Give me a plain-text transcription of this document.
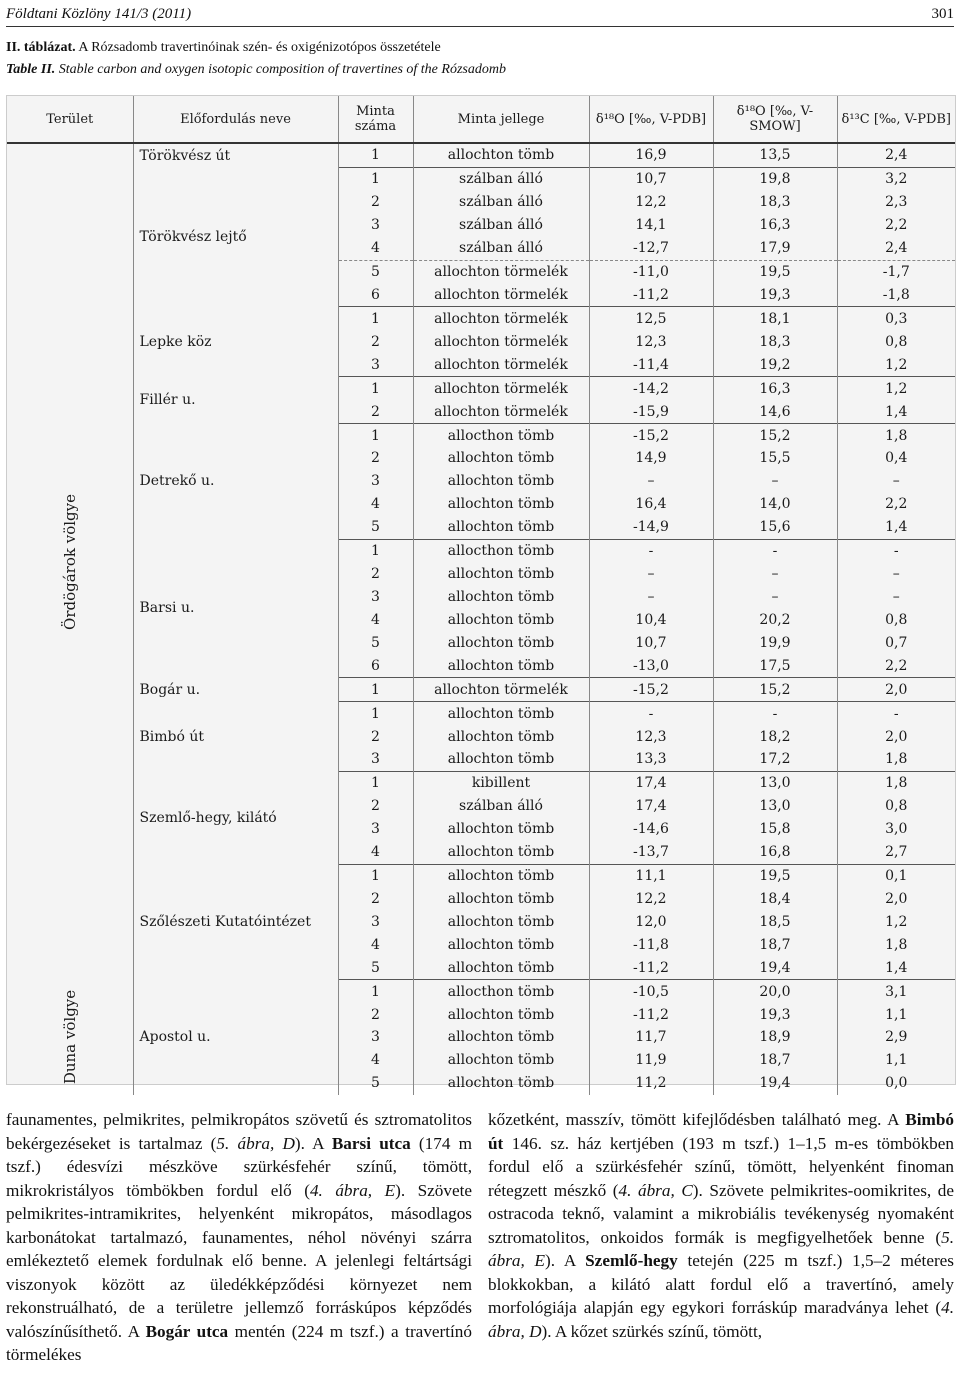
Földtani Közlöny 141/3 (2011)	301
II. táblázat. A Rózsadomb travertinóinak szén- és oxigénizotópos összetétele
Table II. Stable carbon and oxygen isotopic composition of travertines of the Rózsadomb
Terület	Előfordulás neve	Minta száma	Minta jellege	δ¹⁸O [‰, V-PDB]	δ¹⁸O [‰, V-SMOW]	δ¹³C [‰, V-PDB]

Ördögárok völgye	Törökvész út	1	allochton tömb	16,9	13,5	2,4
	Törökvész lejtő	1	szálban álló	10,7	19,8	3,2
		2	szálban álló	12,2	18,3	2,3
		3	szálban álló	14,1	16,3	2,2
		4	szálban álló	-12,7	17,9	2,4
		5	allochton törmelék	-11,0	19,5	-1,7
		6	allochton törmelék	-11,2	19,3	-1,8
	Lepke köz	1	allochton törmelék	12,5	18,1	0,3
		2	allochton törmelék	12,3	18,3	0,8
		3	allochton törmelék	-11,4	19,2	1,2
	Fillér u.	1	allochton törmelék	-14,2	16,3	1,2
		2	allochton törmelék	-15,9	14,6	1,4
	Detrekő u.	1	allocthon tömb	-15,2	15,2	1,8
		2	allochton tömb	14,9	15,5	0,4
		3	allochton tömb	–	–	–
		4	allochton tömb	16,4	14,0	2,2
		5	allochton tömb	-14,9	15,6	1,4
	Barsi u.	1	allocthon tömb	-	-	-
		2	allochton tömb	–	–	–
		3	allochton tömb	–	–	–
		4	allochton tömb	10,4	20,2	0,8
		5	allochton tömb	10,7	19,9	0,7
		6	allochton tömb	-13,0	17,5	2,2
	Bogár u.	1	allochton törmelék	-15,2	15,2	2,0
	Bimbó út	1	allochton tömb	-	-	-
		2	allochton tömb	12,3	18,2	2,0
		3	allochton tömb	13,3	17,2	1,8
	Szemlő-hegy, kilátó	1	kibillent	17,4	13,0	1,8
		2	szálban álló	17,4	13,0	0,8
		3	allochton tömb	-14,6	15,8	3,0
		4	allochton tömb	-13,7	16,8	2,7
	Szőlészeti Kutatóintézet	1	allochton tömb	11,1	19,5	0,1
		2	allochton tömb	12,2	18,4	2,0
		3	allochton tömb	12,0	18,5	1,2
		4	allochton tömb	-11,8	18,7	1,8
		5	allochton tömb	-11,2	19,4	1,4

Duna völgye	Apostol u.	1	allocthon tömb	-10,5	20,0	3,1
		2	allochton tömb	-11,2	19,3	1,1
		3	allochton tömb	11,7	18,9	2,9
		4	allochton tömb	11,9	18,7	1,1
		5	allochton tömb	11,2	19,4	0,0

faunamentes, pelmikrites, pelmikropátos szövetű és sztromatolitos bekérgezéseket is tartalmaz (5. ábra, D). A Barsi utca (174 m tszf.) édesvízi mészköve szürkésfehér színű, tömött, mikrokristályos tömbökben fordul elő (4. ábra, E). Szövete pelmikrites-intramikrites, helyenként mikropátos, másodlagos karbonátokat tartalmazó, faunamentes, néhol növényi szárra emlékeztető elemek fordulnak elő benne. A jelenlegi feltártsági viszonyok között az üledékképződési környezet nem rekonstruálható, de a területre jellemző forráskúpos képződés valószínűsíthető. A Bogár utca mentén (224 m tszf.) a travertínó törmelékes

kőzetként, masszív, tömött kifejlődésben található meg. A Bimbó út 146. sz. ház kertjében (193 m tszf.) 1–1,5 m-es tömbökben fordul elő a szürkésfehér színű, tömött, helyenként finoman rétegzett mészkő (4. ábra, C). Szövete pelmikrites-oomikrites, de ostracoda teknő, valamint a mikrobiális tevékenység nyomaként sztromatolitos, onkoidos formák is megfigyelhetőek benne (5. ábra, E). A Szemlő-hegy tetején (225 m tszf.) 1,5–2 méteres blokkokban, a kilátó alatt fordul elő a travertínó, amely morfológiája alapján egy egykori forráskúp maradványa lehet (4. ábra, D). A kőzet szürkés színű, tömött,
